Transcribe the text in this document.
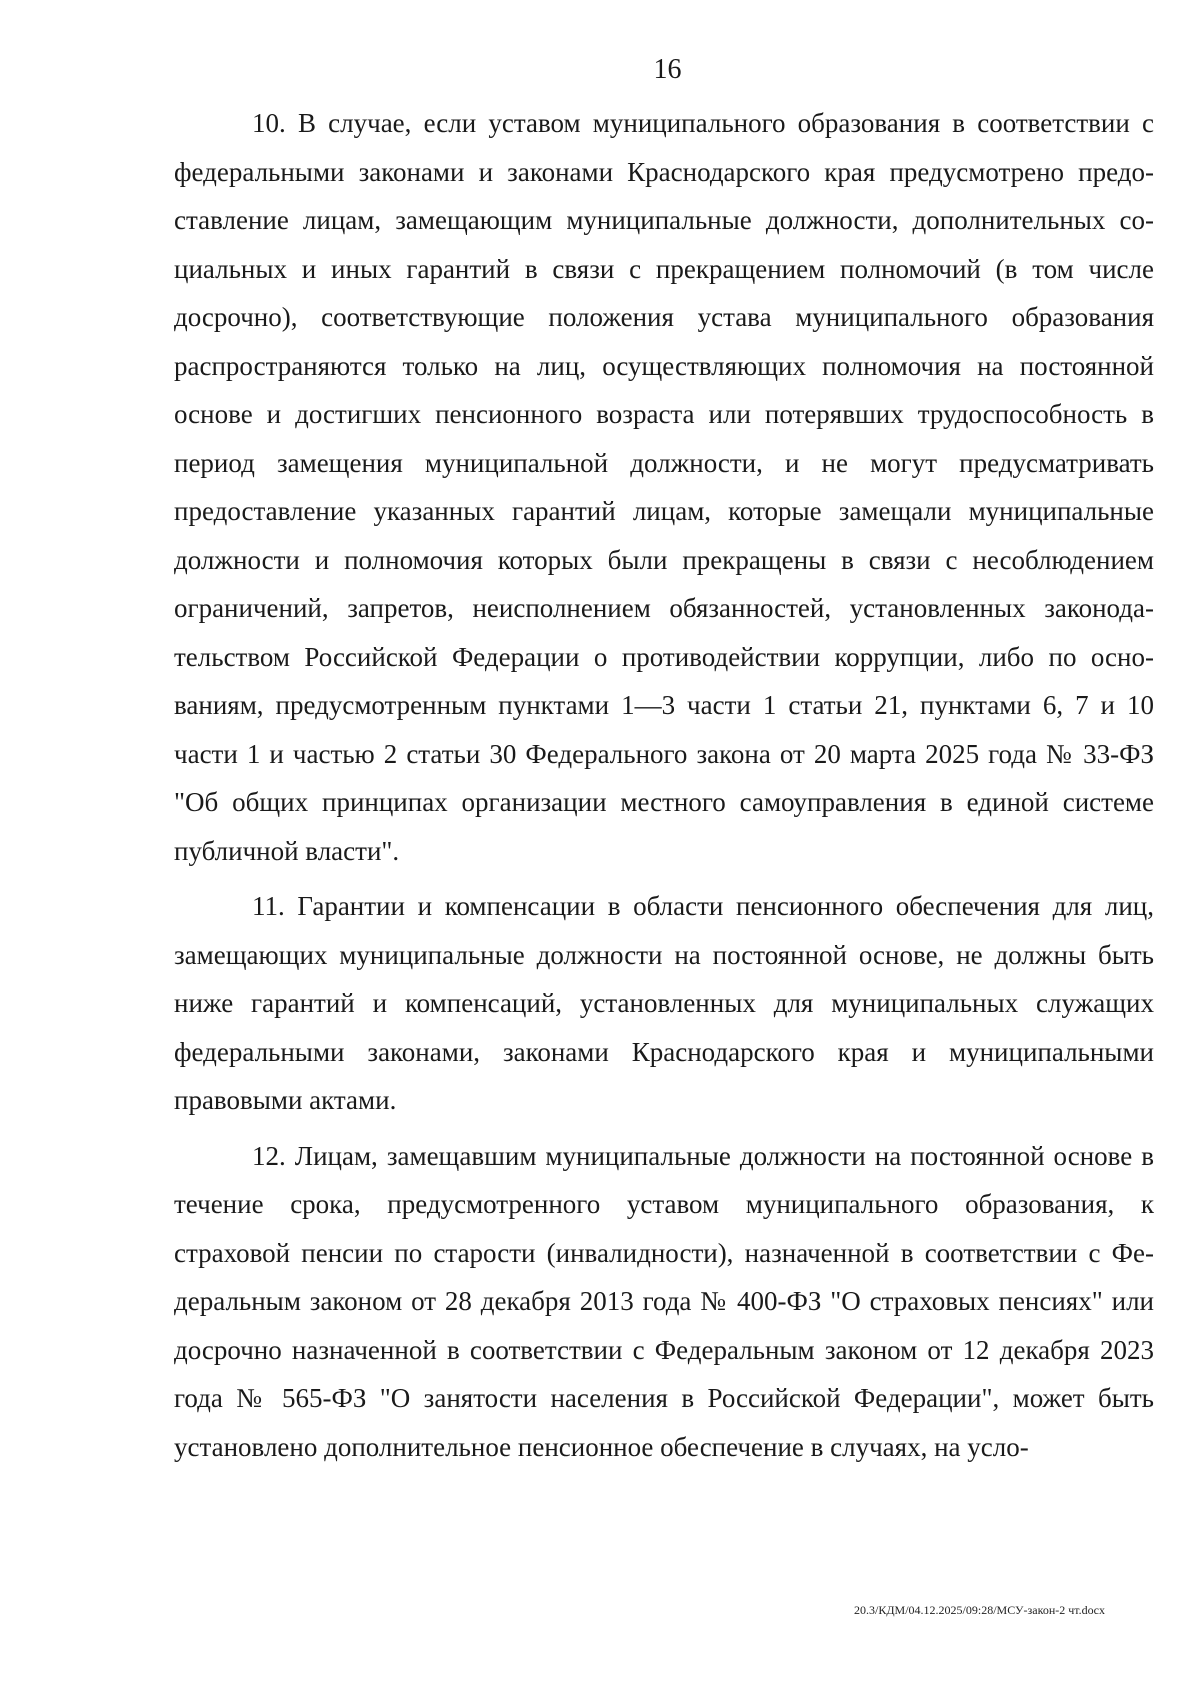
16

10. В случае, если уставом муниципального образования в соответствии с федеральными законами и законами Краснодарского края предусмотрено предоставление лицам, замещающим муниципальные должности, дополнительных социальных и иных гарантий в связи с прекращением полномочий (в том числе досрочно), соответствующие положения устава муниципального образования распространяются только на лиц, осуществляющих полномочия на постоянной основе и достигших пенсионного возраста или потерявших трудоспособность в период замещения муниципальной должности, и не могут предусматривать предоставление указанных гарантий лицам, которые замещали муниципальные должности и полномочия которых были прекращены в связи с несоблюдением ограничений, запретов, неисполнением обязанностей, установленных законодательством Российской Федерации о противодействии коррупции, либо по основаниям, предусмотренным пунктами 1—3 части 1 статьи 21, пунктами 6, 7 и 10 части 1 и частью 2 статьи 30 Федерального закона от 20 марта 2025 года № 33-ФЗ "Об общих принципах организации местного самоуправления в единой системе публичной власти".

11. Гарантии и компенсации в области пенсионного обеспечения для лиц, замещающих муниципальные должности на постоянной основе, не должны быть ниже гарантий и компенсаций, установленных для муниципальных служащих федеральными законами, законами Краснодарского края и муниципальными правовыми актами.

12. Лицам, замещавшим муниципальные должности на постоянной основе в течение срока, предусмотренного уставом муниципального образования, к страховой пенсии по старости (инвалидности), назначенной в соответствии с Федеральным законом от 28 декабря 2013 года № 400-ФЗ "О страховых пенсиях" или досрочно назначенной в соответствии с Федеральным законом от 12 декабря 2023 года № 565-ФЗ "О занятости населения в Российской Федерации", может быть установлено дополнительное пенсионное обеспечение в случаях, на усло-

20.3/КДМ/04.12.2025/09:28/МСУ-закон-2 чт.docx
